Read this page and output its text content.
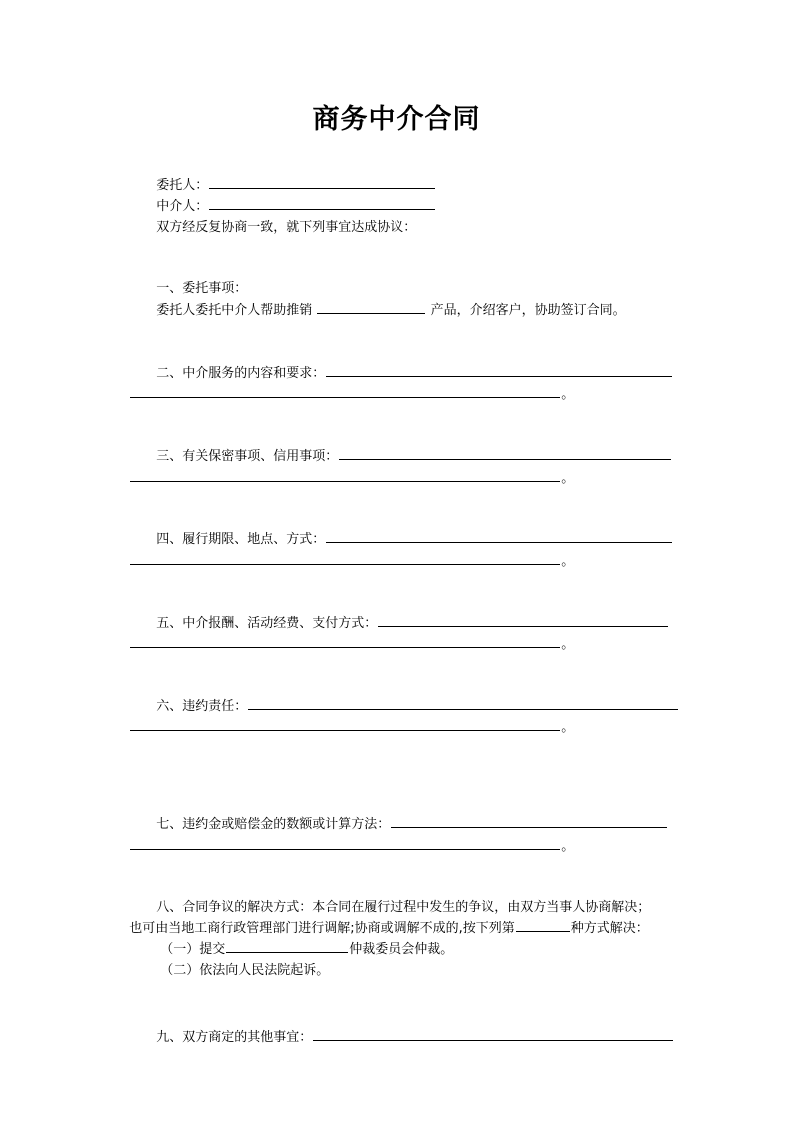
商务中介合同

委托人：

中介人：

双方经反复协商一致，就下列事宜达成协议：

一、委托事项：

委托人委托中介人帮助推销	产品，介绍客户，协助签订合同。

二、中介服务的内容和要求：

。

三、有关保密事项、信用事项：

。

四、履行期限、地点、方式：

。

五、中介报酬、活动经费、支付方式：

。

六、违约责任：

。

七、违约金或赔偿金的数额或计算方法：

。

八、合同争议的解决方式：本合同在履行过程中发生的争议，由双方当事人协商解决；

也可由当地工商行政管理部门进行调解;协商或调解不成的,按下列第	种方式解决：

（一）提交	仲裁委员会仲裁。

（二）依法向人民法院起诉。

九、双方商定的其他事宜：
